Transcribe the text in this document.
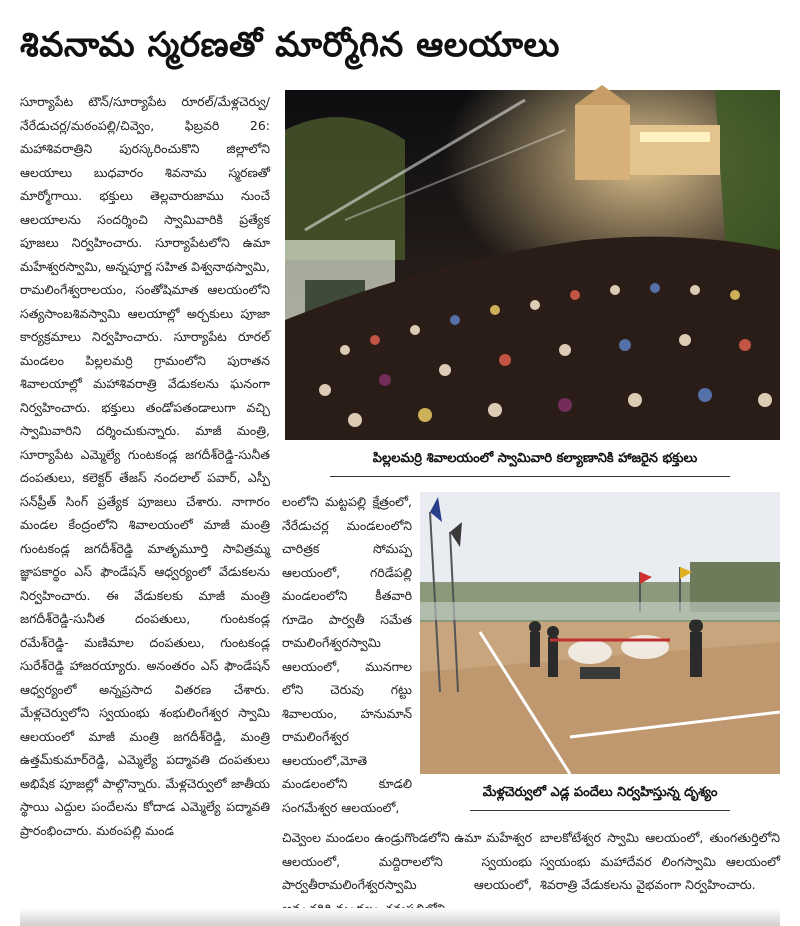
శివనామ స్మరణతో మార్మోగిన ఆలయాలు
సూర్యాపేట టౌన్/సూర్యాపేట రూరల్/మేళ్లచెర్వు/నేరేడుచర్ల/మఠంపల్లి/చివ్వెం, ఫిబ్రవరి 26: మహాశివరాత్రిని పురస్కరించుకొని జిల్లాలోని ఆలయాలు బుధవారం శివనామ స్మరణతో మార్మోగాయి. భక్తులు తెల్లవారుజాము నుంచే ఆలయాలను సందర్శించి స్వామివారికి ప్రత్యేక పూజలు నిర్వహించారు. సూర్యాపేటలోని ఉమా మహేశ్వరస్వామి, అన్నపూర్ణ సహిత విశ్వనాథస్వామి, రామలింగేశ్వరాలయం, సంతోషిమాత ఆలయంలోని సత్యసాంబశివస్వామి ఆలయాల్లో అర్చకులు పూజా కార్యక్రమాలు నిర్వహించారు. సూర్యాపేట రూరల్ మండలం పిల్లలమర్రి గ్రామంలోని పురాతన శివాలయాల్లో మహాశివరాత్రి వేడుకలను ఘనంగా నిర్వహించారు. భక్తులు తండోపతండాలుగా వచ్చి స్వామివారిని దర్శించుకున్నారు. మాజీ మంత్రి, సూర్యాపేట ఎమ్మెల్యే గుంటకండ్ల జగదీశ్‌రెడ్డి-సునీత దంపతులు, కలెక్టర్ తేజస్ నందలాల్ పవార్, ఎస్పీ సన్‌ప్రీత్ సింగ్ ప్రత్యేక పూజలు చేశారు. నాగారం మండల కేంద్రంలోని శివాలయంలో మాజీ మంత్రి గుంటకండ్ల జగదీశ్‌రెడ్డి మాతృమూర్తి సావిత్రమ్మ జ్ఞాపకార్థం ఎస్ ఫౌండేషన్ ఆధ్వర్యంలో వేడుకలను నిర్వహించారు. ఈ వేడుకలకు మాజీ మంత్రి జగదీశ్‌రెడ్డి-సునీత దంపతులు, గుంటకండ్ల రమేశ్‌రెడ్డి- మణిమాల దంపతులు, గుంటకండ్ల సురేశ్‌రెడ్డి హాజరయ్యారు. అనంతరం ఎస్ ఫౌండేషన్ ఆధ్వర్యంలో అన్నప్రసాద వితరణ చేశారు. మేళ్లచెర్వులోని స్వయంభు శంభులింగేశ్వర స్వామి ఆలయంలో మాజీ మంత్రి జగదీశ్‌రెడ్డి, మంత్రి ఉత్తమ్‌కుమార్‌రెడ్డి, ఎమ్మెల్యే పద్మావతి దంపతులు అభిషేక పూజల్లో పాల్గొన్నారు. మేళ్లచెర్వులో జాతీయ స్థాయి ఎద్దుల పందేలను కోదాడ ఎమ్మెల్యే పద్మావతి ప్రారంభించారు. మఠంపల్లి మండ
పిల్లలమర్రి శివాలయంలో స్వామివారి కల్యాణానికి హాజరైన భక్తులు
లంలోని మట్టపల్లి క్షేత్రంలో, నేరేడుచర్ల మండలంలోని చారిత్రక సోమప్ప ఆలయంలో, గరిడేపల్లి మండలంలోని కీతవారి గూడెం పార్వతీ సమేత రామలింగేశ్వరస్వామి ఆలయంలో, మునగాల లోని చెరువు గట్టు శివాలయం, హనుమాన్ రామలింగేశ్వర ఆలయంలో,మోతె మండలంలోని కూడలి సంగమేశ్వర ఆలయంలో,
మేళ్లచెర్వులో ఎడ్ల పందేలు నిర్వహిస్తున్న దృశ్యం
చివ్వెంల మండలం ఉండ్రుగొండలోని ఉమా మహేశ్వర ఆలయంలో, మద్దిరాలలోని స్వయంభు పార్వతీరామలింగేశ్వరస్వామి ఆలయంలో,
బాలకోటేశ్వర స్వామి ఆలయంలో, తుంగతుర్తిలోని స్వయంభు మహాదేవర లింగస్వామి ఆలయంలో శివరాత్రి వేడుకలను వైభవంగా నిర్వహించారు.
